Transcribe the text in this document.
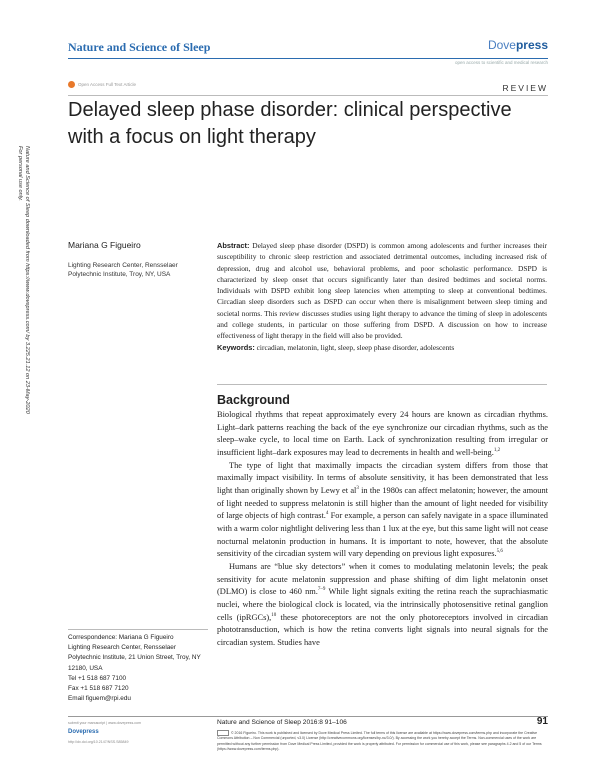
Nature and Science of Sleep	Dovepress
open access to scientific and medical research
Open Access Full Text Article	REVIEW
Delayed sleep phase disorder: clinical perspective with a focus on light therapy
Nature and Science of Sleep downloaded from https://www.dovepress.com/ by 3.225.21.12 on 23-May-2020
For personal use only.
Mariana G Figueiro
Lighting Research Center, Rensselaer Polytechnic Institute, Troy, NY, USA
Abstract: Delayed sleep phase disorder (DSPD) is common among adolescents and further increases their susceptibility to chronic sleep restriction and associated detrimental outcomes, including increased risk of depression, drug and alcohol use, behavioral problems, and poor scholastic performance. DSPD is characterized by sleep onset that occurs significantly later than desired bedtimes and societal norms. Individuals with DSPD exhibit long sleep latencies when attempting to sleep at conventional bedtimes. Circadian sleep disorders such as DSPD can occur when there is misalignment between sleep timing and societal norms. This review discusses studies using light therapy to advance the timing of sleep in adolescents and college students, in particular on those suffering from DSPD. A discussion on how to increase effectiveness of light therapy in the field will also be provided.
Keywords: circadian, melatonin, light, sleep, sleep phase disorder, adolescents
Background

Biological rhythms that repeat approximately every 24 hours are known as circadian rhythms. Light–dark patterns reaching the back of the eye synchronize our circadian rhythms, such as the sleep–wake cycle, to local time on Earth. Lack of synchronization resulting from irregular or insufficient light–dark exposures may lead to decrements in health and well-being.$^{1,2}$

The type of light that maximally impacts the circadian system differs from those that maximally impact visibility. In terms of absolute sensitivity, it has been demonstrated that less light than originally shown by Lewy et $al^3$ in the 1980s can affect melatonin; however, the amount of light needed to suppress melatonin is still higher than the amount of light needed for visibility of large objects of high contrast.$^4$ For example, a person can safely navigate in a space illuminated with a warm color nightlight delivering less than 1 lux at the eye, but this same light will not cease nocturnal melatonin production in humans. It is important to note, however, that the absolute sensitivity of the circadian system will vary depending on previous light exposures.$^{5,6}$

Humans are “blue sky detectors” when it comes to modulating melatonin levels; the peak sensitivity for acute melatonin suppression and phase shifting of dim light melatonin onset (DLMO) is close to 460 nm.$^{7-9}$ While light signals exiting the retina reach the suprachiasmatic nuclei, where the biological clock is located, via the intrinsically photosensitive retinal ganglion cells (ipRGCs),$^{10}$ these photoreceptors are not the only photoreceptors involved in circadian phototransduction, which is how the retina converts light signals into neural signals for the circadian system. Studies have

Correspondence: Mariana G Figueiro
Lighting Research Center, Rensselaer Polytechnic Institute, 21 Union Street, Troy, NY 12180, USA
Tel +1 518 687 7100
Fax +1 518 687 7120
Email figuem@rpi.edu
submit your manuscript | www.dovepress.com
Dovepress
http://dx.doi.org/10.2147/NSS.S85849
Nature and Science of Sleep 2016:8 91–106	91
© 2016 Figueiro. This work is published and licensed by Dove Medical Press Limited. The full terms of this license are available at https://www.dovepress.com/terms.php and incorporate the Creative Commons Attribution – Non Commercial (unported, v3.0) License (http://creativecommons.org/licenses/by-nc/3.0/). By accessing the work you hereby accept the Terms. Non-commercial uses of the work are permitted without any further permission from Dove Medical Press Limited, provided the work is properly attributed. For permission for commercial use of this work, please see paragraphs 4.2 and 5 of our Terms (https://www.dovepress.com/terms.php).
